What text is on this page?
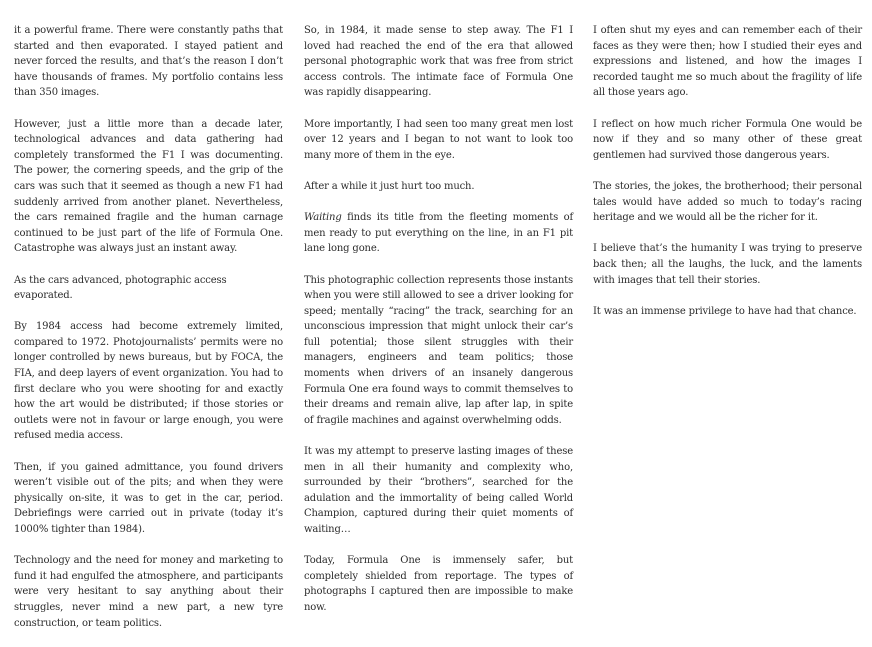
it a powerful frame. There were constantly paths that started and then evaporated. I stayed patient and never forced the results, and that’s the reason I don’t have thousands of frames. My portfolio contains less than 350 images.

However, just a little more than a decade later, technological advances and data gathering had completely transformed the F1 I was documenting. The power, the cornering speeds, and the grip of the cars was such that it seemed as though a new F1 had suddenly arrived from another planet. Nevertheless, the cars remained fragile and the human carnage continued to be just part of the life of Formula One. Catastrophe was always just an instant away.

As the cars advanced, photographic access evaporated.

By 1984 access had become extremely limited, compared to 1972. Photojournalists’ permits were no longer controlled by news bureaus, but by FOCA, the FIA, and deep layers of event organization. You had to first declare who you were shooting for and exactly how the art would be distributed; if those stories or outlets were not in favour or large enough, you were refused media access.

Then, if you gained admittance, you found drivers weren’t visible out of the pits; and when they were physically on-site, it was to get in the car, period. Debriefings were carried out in private (today it’s 1000% tighter than 1984).

Technology and the need for money and marketing to fund it had engulfed the atmosphere, and participants were very hesitant to say anything about their struggles, never mind a new part, a new tyre construction, or team politics.

So, in 1984, it made sense to step away. The F1 I loved had reached the end of the era that allowed personal photographic work that was free from strict access controls. The intimate face of Formula One was rapidly disappearing.

More importantly, I had seen too many great men lost over 12 years and I began to not want to look too many more of them in the eye.

After a while it just hurt too much.

Waiting finds its title from the fleeting moments of men ready to put everything on the line, in an F1 pit lane long gone.

This photographic collection represents those instants when you were still allowed to see a driver looking for speed; mentally “racing” the track, searching for an unconscious impression that might unlock their car’s full potential; those silent struggles with their managers, engineers and team politics; those moments when drivers of an insanely dangerous Formula One era found ways to commit themselves to their dreams and remain alive, lap after lap, in spite of fragile machines and against overwhelming odds.

It was my attempt to preserve lasting images of these men in all their humanity and complexity who, surrounded by their “brothers”, searched for the adulation and the immortality of being called World Champion, captured during their quiet moments of waiting…

Today, Formula One is immensely safer, but completely shielded from reportage. The types of photographs I captured then are impossible to make now.

I often shut my eyes and can remember each of their faces as they were then; how I studied their eyes and expressions and listened, and how the images I recorded taught me so much about the fragility of life all those years ago.

I reflect on how much richer Formula One would be now if they and so many other of these great gentlemen had survived those dangerous years.

The stories, the jokes, the brotherhood; their personal tales would have added so much to today’s racing heritage and we would all be the richer for it.

I believe that’s the humanity I was trying to preserve back then; all the laughs, the luck, and the laments with images that tell their stories.

It was an immense privilege to have had that chance.
